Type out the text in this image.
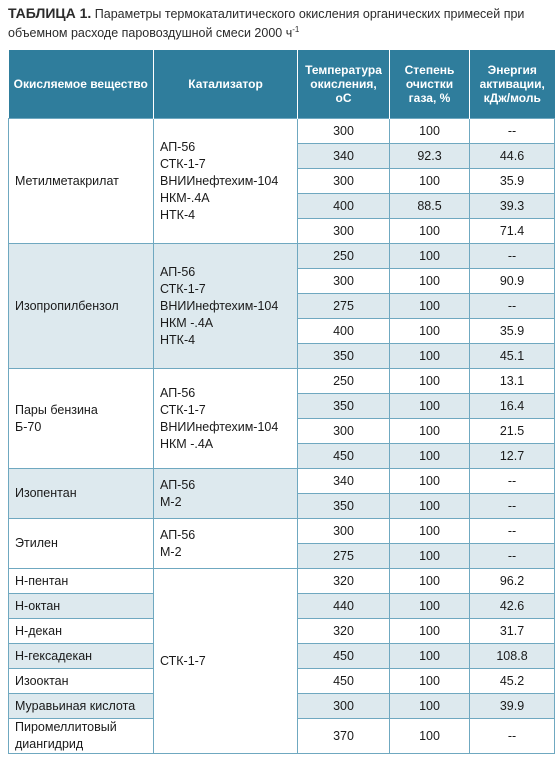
ТАБЛИЦА 1. Параметры термокаталитического окисления органических примесей при объемном расходе паровоздушной смеси 2000 $ч^{-1}$
Окисляемое вещество	Катализатор	Температура окисления, оС	Степень очистки газа, %	Энергия активации, кДж/моль
Метилметакрилат	АП-56
СТК-1-7
ВНИИнефтехим-104
НКМ-.4А
НТК-4	300	100	--
		340	92.3	44.6
		300	100	35.9
		400	88.5	39.3
		300	100	71.4
Изопропилбензол	АП-56
СТК-1-7
ВНИИнефтехим-104
НКМ -.4А
НТК-4	250	100	--
		300	100	90.9
		275	100	--
		400	100	35.9
		350	100	45.1
Пары бензина
Б-70	АП-56
СТК-1-7
ВНИИнефтехим-104
НКМ -.4А	250	100	13.1
		350	100	16.4
		300	100	21.5
		450	100	12.7
Изопентан	АП-56
М-2	340	100	--
		350	100	--
Этилен	АП-56
М-2	300	100	--
		275	100	--
Н-пентан	СТК-1-7	320	100	96.2
Н-октан		440	100	42.6
Н-декан		320	100	31.7
Н-гексадекан		450	100	108.8
Изооктан		450	100	45.2
Муравьиная кислота		300	100	39.9
Пиромеллитовый
диангидрид		370	100	--
